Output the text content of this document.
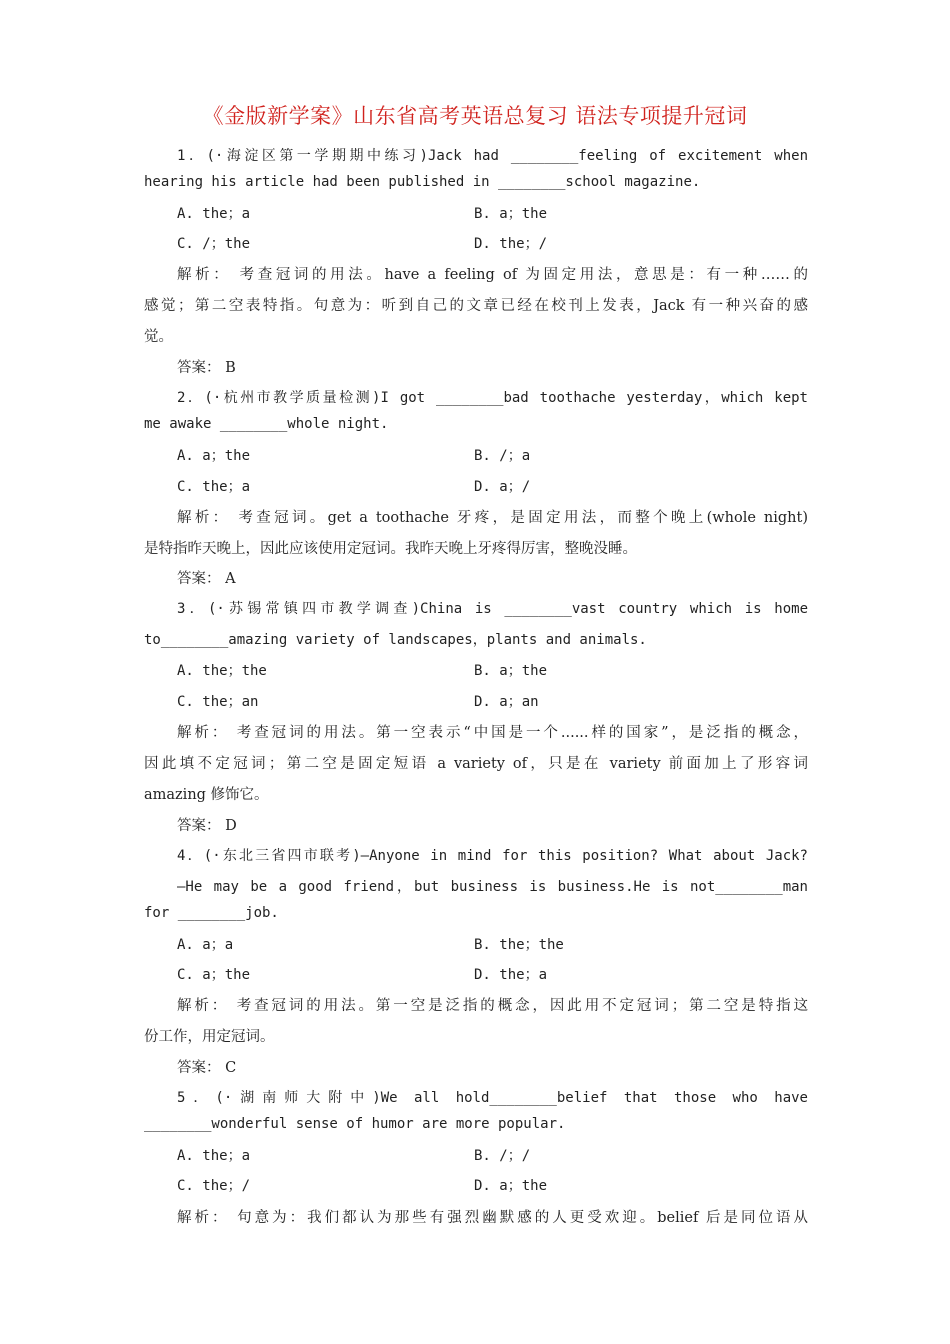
《金版新学案》山东省高考英语总复习 语法专项提升冠词
1．(·海淀区第一学期期中练习)Jack had ________feeling of excitement when
hearing his article had been published in ________school magazine.
A. the；a	B. a；the
C. /；the	D. the；/
解析： 考查冠词的用法。have a feeling of 为固定用法，意思是：有一种……的
感觉；第二空表特指。句意为：听到自己的文章已经在校刊上发表，Jack 有一种兴奋的感
觉。
答案： B
2．(·杭州市教学质量检测)I got ________bad toothache yesterday，which kept
me awake ________whole night.
A. a；the	B. /；a
C. the；a	D. a；/
解析： 考查冠词。get a toothache 牙疼，是固定用法，而整个晚上(whole night)
是特指昨天晚上，因此应该使用定冠词。我昨天晚上牙疼得厉害，整晚没睡。
答案： A
3．(·苏锡常镇四市教学调查)China is ________vast country which is home
to________amazing variety of landscapes，plants and animals.
A. the；the	B. a；the
C. the；an	D. a；an
解析： 考查冠词的用法。第一空表示“中国是一个......样的国家”，是泛指的概念，
因此填不定冠词；第二空是固定短语 a variety of，只是在 variety 前面加上了形容词
amazing 修饰它。
答案： D
4．(·东北三省四市联考)—Anyone in mind for this position? What about Jack?
—He may be a good friend，but business is business.He is not________man
for ________job.
A. a；a	B. the；the
C. a；the	D. the；a
解析： 考查冠词的用法。第一空是泛指的概念，因此用不定冠词；第二空是特指这
份工作，用定冠词。
答案： C
5．(·湖南师大附中)We all hold________belief that those who have
________wonderful sense of humor are more popular.
A. the；a	B. /；/
C. the；/	D. a；the
解析： 句意为：我们都认为那些有强烈幽默感的人更受欢迎。belief 后是同位语从
